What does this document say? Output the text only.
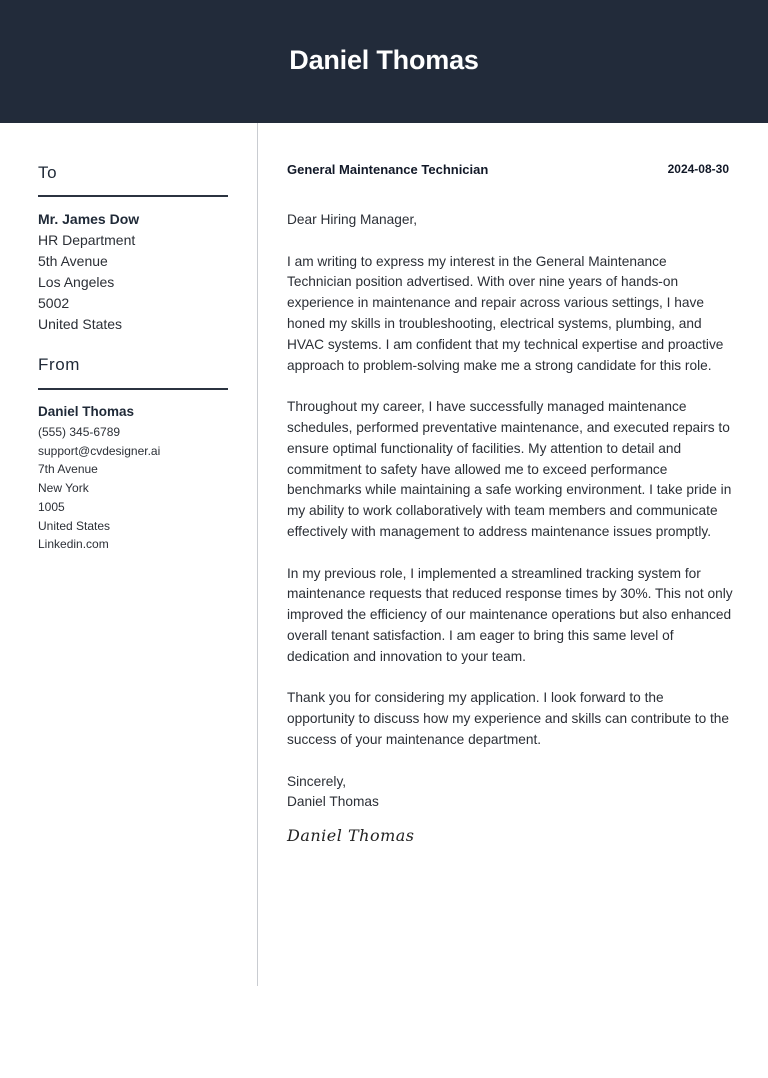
Daniel Thomas
To
Mr. James Dow
HR Department
5th Avenue
Los Angeles
5002
United States
From
Daniel Thomas
(555) 345-6789
support@cvdesigner.ai
7th Avenue
New York
1005
United States
Linkedin.com
General Maintenance Technician	2024-08-30

Dear Hiring Manager,

I am writing to express my interest in the General Maintenance Technician position advertised. With over nine years of hands-on experience in maintenance and repair across various settings, I have honed my skills in troubleshooting, electrical systems, plumbing, and HVAC systems. I am confident that my technical expertise and proactive approach to problem-solving make me a strong candidate for this role.

Throughout my career, I have successfully managed maintenance schedules, performed preventative maintenance, and executed repairs to ensure optimal functionality of facilities. My attention to detail and commitment to safety have allowed me to exceed performance benchmarks while maintaining a safe working environment. I take pride in my ability to work collaboratively with team members and communicate effectively with management to address maintenance issues promptly.

In my previous role, I implemented a streamlined tracking system for maintenance requests that reduced response times by 30%. This not only improved the efficiency of our maintenance operations but also enhanced overall tenant satisfaction. I am eager to bring this same level of dedication and innovation to your team.

Thank you for considering my application. I look forward to the opportunity to discuss how my experience and skills can contribute to the success of your maintenance department.

Sincerely,
Daniel Thomas
Daniel Thomas
